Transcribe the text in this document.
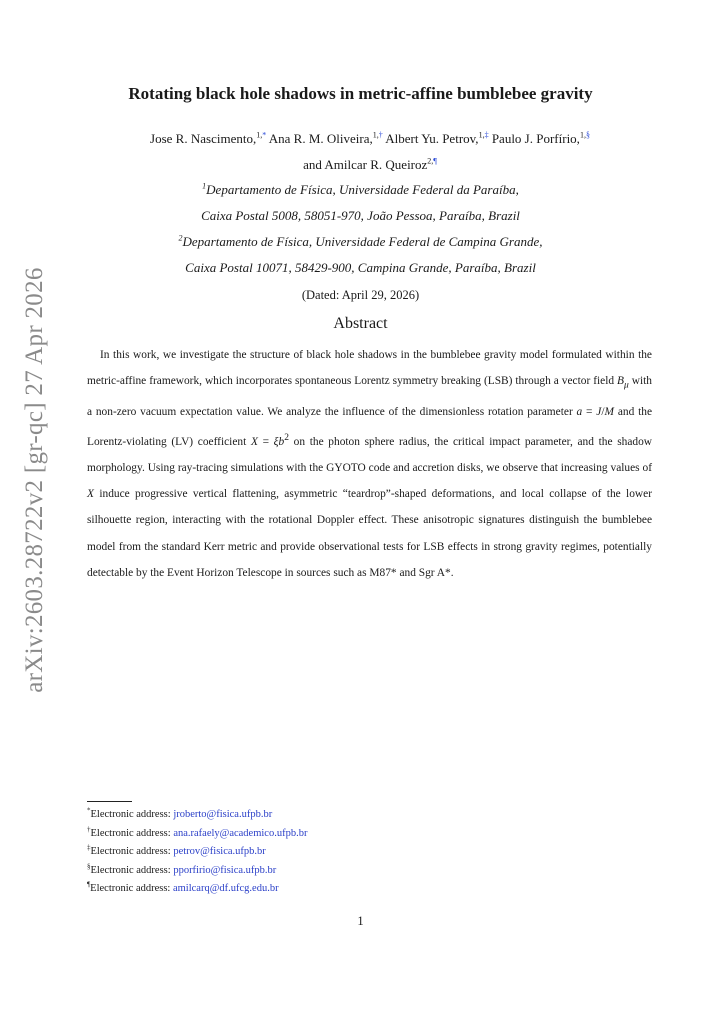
arXiv:2603.28722v2 [gr-qc] 27 Apr 2026
Rotating black hole shadows in metric-affine bumblebee gravity
Jose R. Nascimento,$^{1,*}$ Ana R. M. Oliveira,$^{1,\dagger}$ Albert Yu. Petrov,$^{1,\ddagger}$ Paulo J. Porfírio,$^{1,\S}$ and Amilcar R. Queiroz$^{2,\P}$
$^1$Departamento de Física, Universidade Federal da Paraíba,
Caixa Postal 5008, 58051-970, João Pessoa, Paraíba, Brazil
$^2$Departamento de Física, Universidade Federal de Campina Grande,
Caixa Postal 10071, 58429-900, Campina Grande, Paraíba, Brazil
(Dated: April 29, 2026)
Abstract

In this work, we investigate the structure of black hole shadows in the bumblebee gravity model formulated within the metric-affine framework, which incorporates spontaneous Lorentz symmetry breaking (LSB) through a vector field $B_\mu$ with a non-zero vacuum expectation value. We analyze the influence of the dimensionless rotation parameter a = J/M and the Lorentz-violating (LV) coefficient $X = \xi b^2$ on the photon sphere radius, the critical impact parameter, and the shadow morphology. Using ray-tracing simulations with the GYOTO code and accretion disks, we observe that increasing values of X induce progressive vertical flattening, asymmetric “teardrop”-shaped deformations, and local collapse of the lower silhouette region, interacting with the rotational Doppler effect. These anisotropic signatures distinguish the bumblebee model from the standard Kerr metric and provide observational tests for LSB effects in strong gravity regimes, potentially detectable by the Event Horizon Telescope in sources such as M87* and Sgr A*.

*Electronic address: jroberto@fisica.ufpb.br
†Electronic address: ana.rafaely@academico.ufpb.br
‡Electronic address: petrov@fisica.ufpb.br
§Electronic address: pporfirio@fisica.ufpb.br
¶Electronic address: amilcarq@df.ufcg.edu.br
1
